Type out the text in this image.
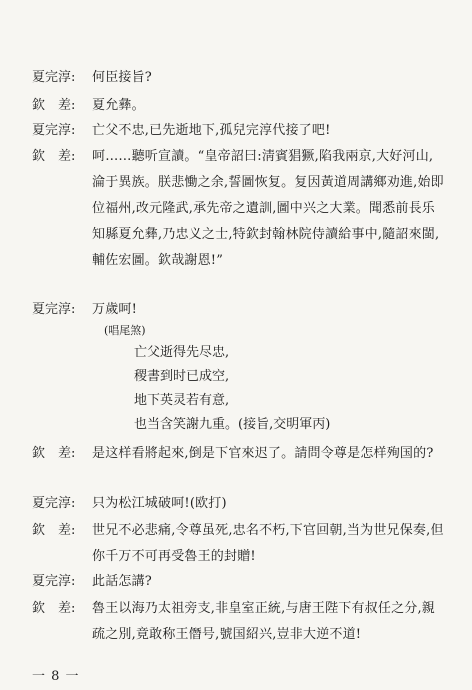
夏完淳: 何臣接旨?
欽　差: 夏允彝。
夏完淳: 亡父不忠,已先逝地下,孤兒完淳代接了吧!
欽　差: 呵……聽听宣讀。“皇帝詔曰:淸賓猖獗,陷我兩京,大好河山,淪于異族。朕悲慟之余,誓圖恢复。复因黃道周講鄉劝進,始即位福州,改元隆武,承先帝之遺訓,圖中兴之大業。聞悉前長乐知縣夏允彝,乃忠义之士,特欽封翰林院侍讀給事中,隨詔來閩,輔佐宏圖。欽哉謝恩!”
夏完淳: 万歲呵!
(唱尾煞)
亡父逝得先尽忠,
稷書到时已成空,
地下英灵若有意,
也当含笑謝九重。(接旨,交明軍丙)
欽　差: 是这样看將起來,倒是下官來迟了。請問令尊是怎样殉国的?
夏完淳: 只为松江城破呵!(欧打)
欽　差: 世兄不必悲痛,令尊虽死,忠名不朽,下官回朝,当为世兄保奏,但你千万不可再受魯王的封贈!
夏完淳: 此話怎講?
欽　差: 魯王以海乃太祖旁支,非皇室正統,与唐王陛下有叔任之分,親疏之別,竟敢称王僭号,號国紹兴,豈非大逆不道!
一 8 一
